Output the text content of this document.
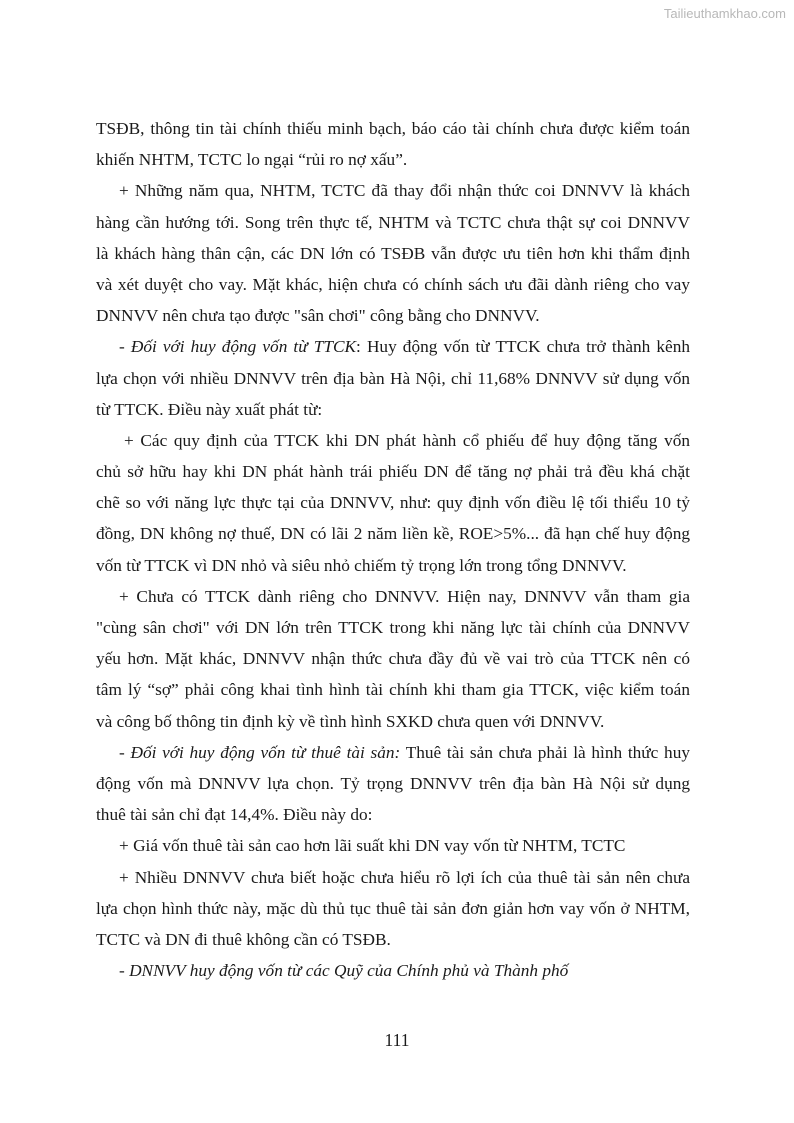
Tailieuthamkhao.com
TSĐB, thông tin tài chính thiếu minh bạch, báo cáo tài chính chưa được kiểm toán
khiến NHTM, TCTC lo ngại “rủi ro nợ xấu”.
+ Những năm qua, NHTM, TCTC đã thay đổi nhận thức coi DNNVV là khách
hàng cần hướng tới. Song trên thực tế, NHTM và TCTC chưa thật sự coi DNNVV
là khách hàng thân cận, các DN lớn có TSĐB vẫn được ưu tiên hơn khi thẩm định
và xét duyệt cho vay. Mặt khác, hiện chưa có chính sách ưu đãi dành riêng cho vay
DNNVV nên chưa tạo được "sân chơi" công bằng cho DNNVV.
- Đối với huy động vốn từ TTCK: Huy động vốn từ TTCK chưa trở thành kênh
lựa chọn với nhiều DNNVV trên địa bàn Hà Nội, chỉ 11,68% DNNVV sử dụng vốn
từ TTCK. Điều này xuất phát từ:
+ Các quy định của TTCK khi DN phát hành cổ phiếu để huy động tăng vốn
chủ sở hữu hay khi DN phát hành trái phiếu DN để tăng nợ phải trả đều khá chặt
chẽ so với năng lực thực tại của DNNVV, như: quy định vốn điều lệ tối thiểu 10 tỷ
đồng, DN không nợ thuế, DN có lãi 2 năm liền kề, ROE>5%... đã hạn chế huy động
vốn từ TTCK vì DN nhỏ và siêu nhỏ chiếm tỷ trọng lớn trong tổng DNNVV.
+ Chưa có TTCK dành riêng cho DNNVV. Hiện nay, DNNVV vẫn tham gia
"cùng sân chơi" với DN lớn trên TTCK trong khi năng lực tài chính của DNNVV
yếu hơn. Mặt khác, DNNVV nhận thức chưa đầy đủ về vai trò của TTCK nên có
tâm lý “sợ” phải công khai tình hình tài chính khi tham gia TTCK, việc kiểm toán
và công bố thông tin định kỳ về tình hình SXKD chưa quen với DNNVV.
- Đối với huy động vốn từ thuê tài sản: Thuê tài sản chưa phải là hình thức huy
động vốn mà DNNVV lựa chọn. Tỷ trọng DNNVV trên địa bàn Hà Nội sử dụng
thuê tài sản chỉ đạt 14,4%. Điều này do:
+ Giá vốn thuê tài sản cao hơn lãi suất khi DN vay vốn từ NHTM, TCTC
+ Nhiều DNNVV chưa biết hoặc chưa hiểu rõ lợi ích của thuê tài sản nên chưa
lựa chọn hình thức này, mặc dù thủ tục thuê tài sản đơn giản hơn vay vốn ở NHTM,
TCTC và DN đi thuê không cần có TSĐB.
- DNNVV huy động vốn từ các Quỹ của Chính phủ và Thành phố
111
